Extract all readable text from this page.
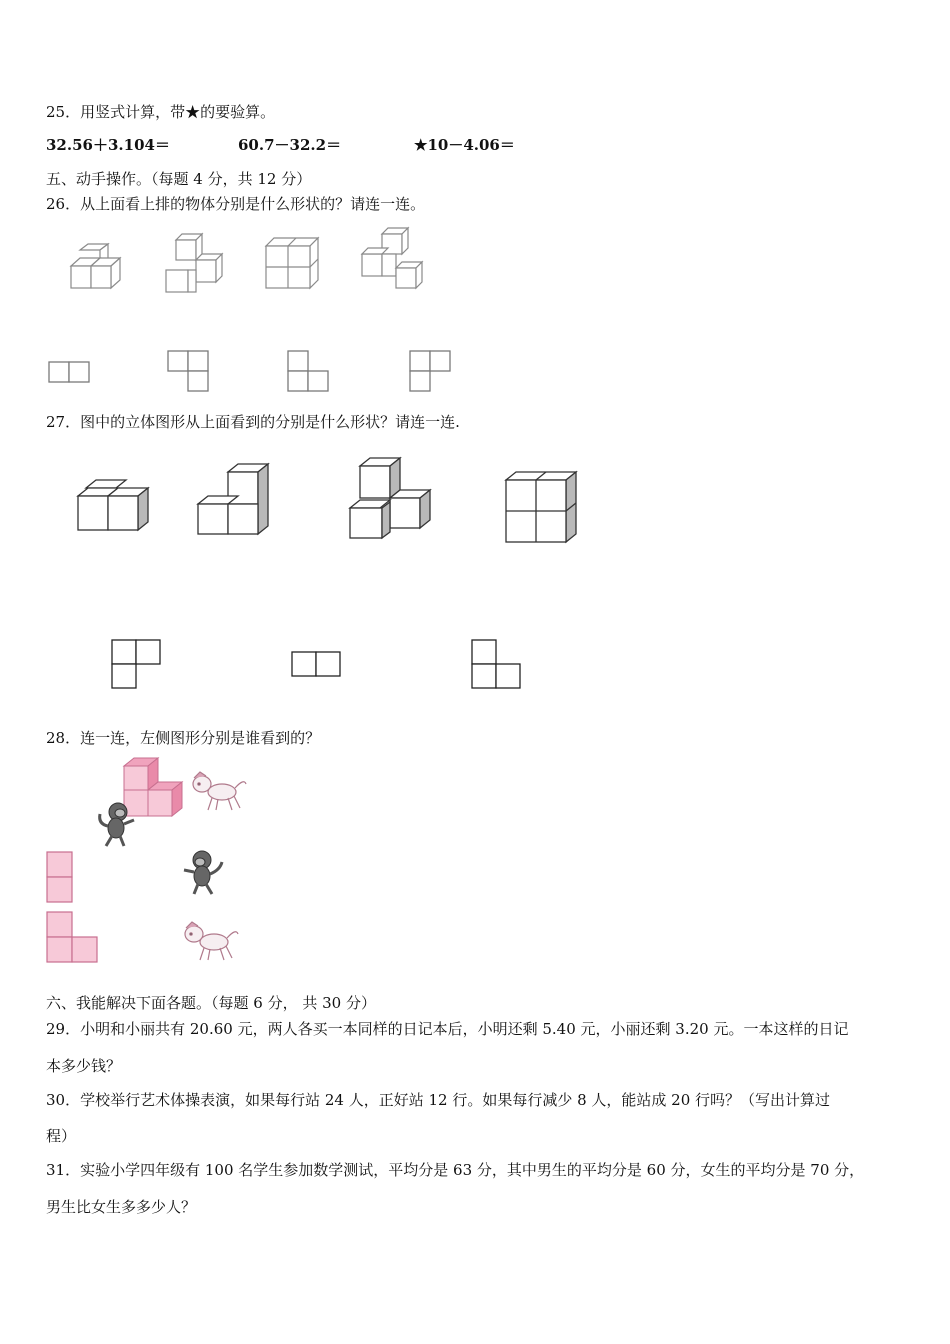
25．用竖式计算，带★的要验算。
32.56＋3.104＝	60.7－32.2＝	★10－4.06＝
五、动手操作。（每题 4 分，共 12 分）
26．从上面看上排的物体分别是什么形状的？请连一连。
27．图中的立体图形从上面看到的分别是什么形状？请连一连.
28．连一连，左侧图形分别是谁看到的？
六、我能解决下面各题。（每题 6 分， 共 30 分）
29．小明和小丽共有 20.60 元，两人各买一本同样的日记本后，小明还剩 5.40 元，小丽还剩 3.20 元。一本这样的日记
本多少钱？
30．学校举行艺术体操表演，如果每行站 24 人，正好站 12 行。如果每行减少 8 人，能站成 20 行吗？（写出计算过
程）
31．实验小学四年级有 100 名学生参加数学测试，平均分是 63 分，其中男生的平均分是 60 分，女生的平均分是 70 分，
男生比女生多多少人？
